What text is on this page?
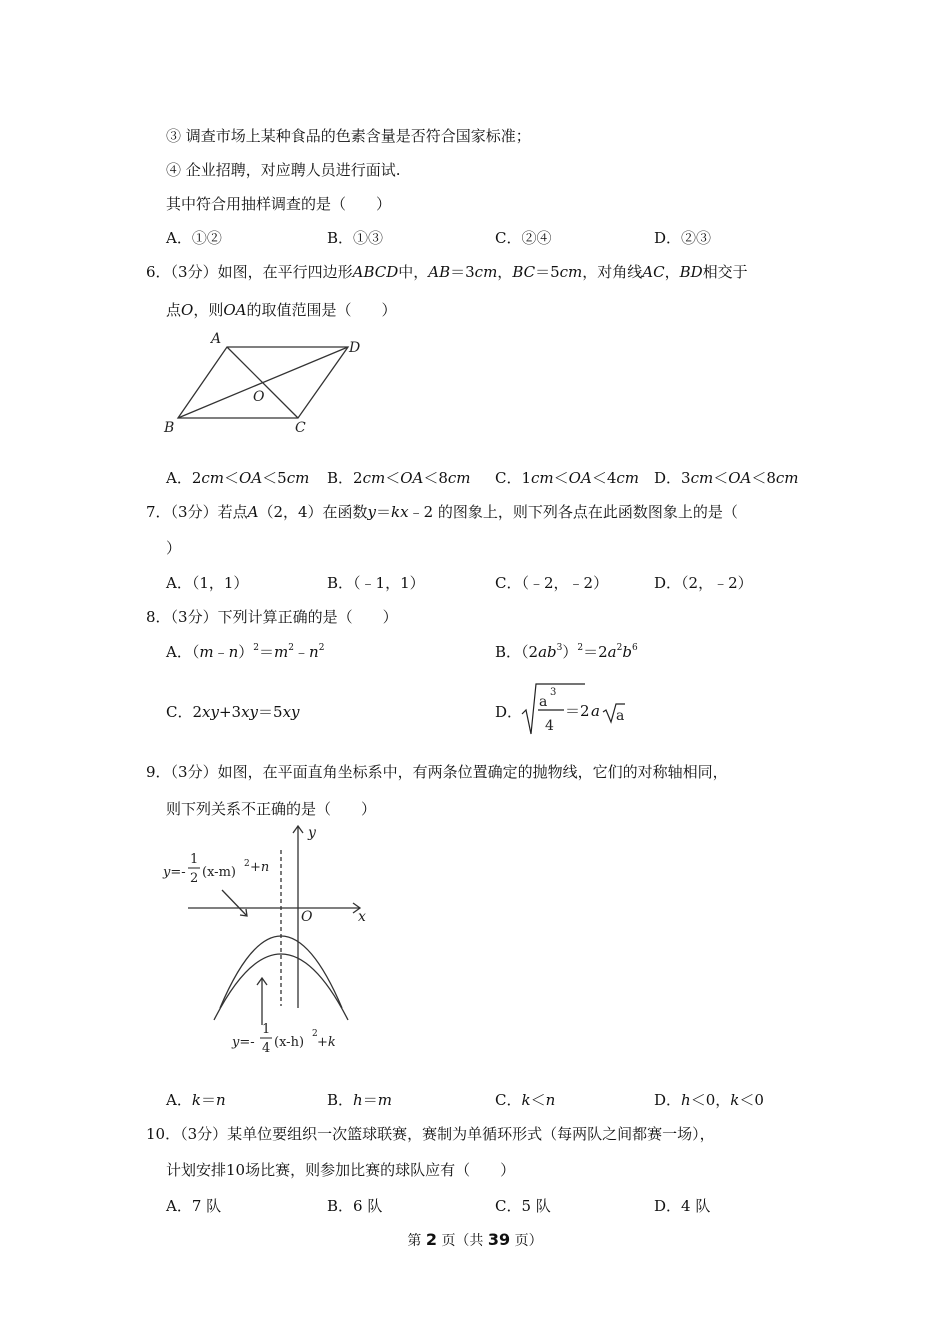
③ 调查市场上某种食品的色素含量是否符合国家标准；
④ 企业招聘，对应聘人员进行面试.
其中符合用抽样调查的是（　　）
A．①②	B．①③	C．②④	D．②③
6．（3分）如图，在平行四边形ABCD中，AB＝3cm，BC＝5cm，对角线AC，BD相交于
点O，则OA的取值范围是（　　）
A
D
O
B	C
A．2cm＜OA＜5cm B．2cm＜OA＜8cm C．1cm＜OA＜4cm D．3cm＜OA＜8cm
7．（3分）若点A（2，4）在函数y＝kx﹣2 的图象上，则下列各点在此函数图象上的是（
）
A．（1，1）	B．（﹣1，1）	C．（﹣2，﹣2）	D．（2，﹣2）
8．（3分）下列计算正确的是（　　）
A．$(m﹣n)^2=m^2﹣n^2$	B．$(2ab^3)^2=2a^2b^6$
C．2xy+3xy＝5xy	D．
a
3
4
a
＝2 a
9．（3分）如图，在平面直角坐标系中，有两条位置确定的抛物线，它们的对称轴相同，
则下列关系不正确的是（　　）
y
x
O
y=-
1
2 (x-m)
2 +n
y=-
1
4 (x-h)
2
+k
A．k＝n	B．h＝m	C．k＜n	D．h＜0，k＜0
10．（3分）某单位要组织一次篮球联赛，赛制为单循环形式（每两队之间都赛一场），
计划安排10场比赛，则参加比赛的球队应有（　　）
A．7 队	B．6 队	C．5 队	D．4 队
第 2 页（共 39 页）
